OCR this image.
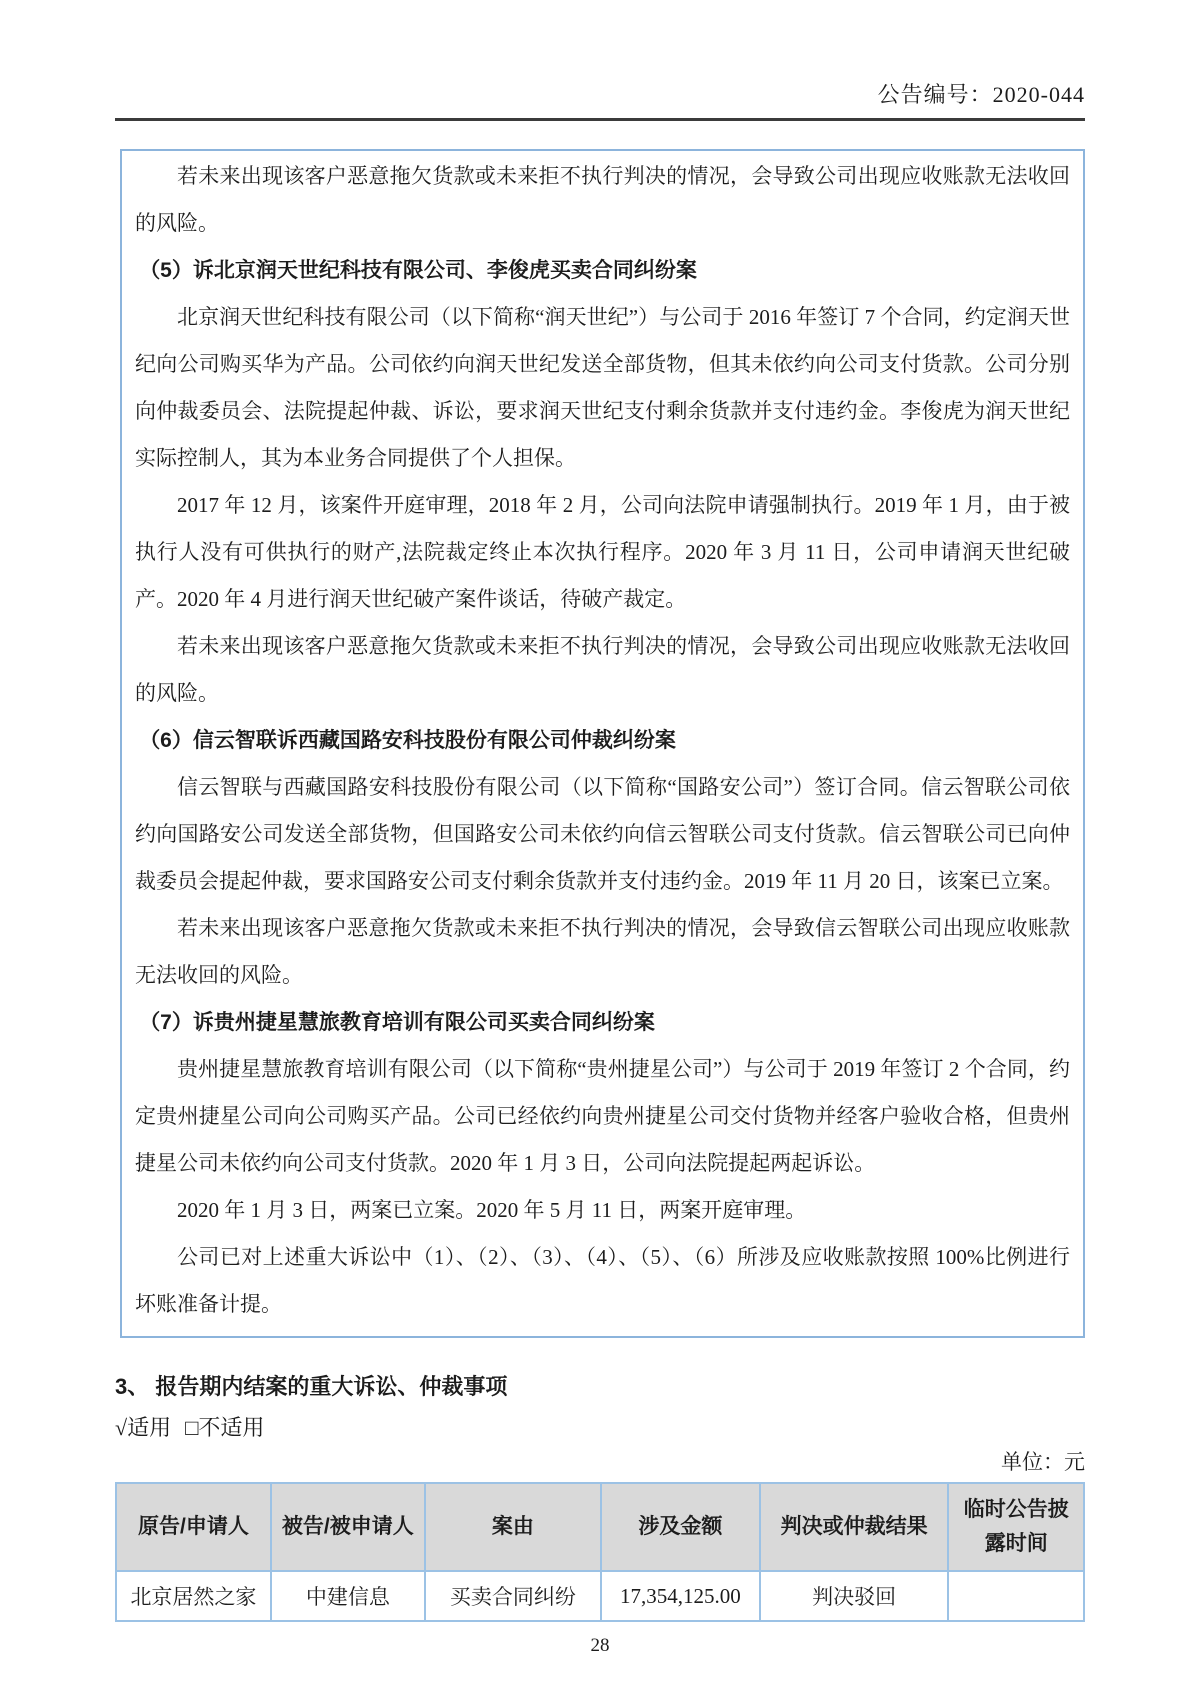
公告编号：2020-044

若未来出现该客户恶意拖欠货款或未来拒不执行判决的情况，会导致公司出现应收账款无法收回的风险。

（5）诉北京润天世纪科技有限公司、李俊虎买卖合同纠纷案

北京润天世纪科技有限公司（以下简称“润天世纪”）与公司于 2016 年签订 7 个合同，约定润天世纪向公司购买华为产品。公司依约向润天世纪发送全部货物，但其未依约向公司支付货款。公司分别向仲裁委员会、法院提起仲裁、诉讼，要求润天世纪支付剩余货款并支付违约金。李俊虎为润天世纪实际控制人，其为本业务合同提供了个人担保。

2017 年 12 月，该案件开庭审理，2018 年 2 月，公司向法院申请强制执行。2019 年 1 月，由于被执行人没有可供执行的财产,法院裁定终止本次执行程序。2020 年 3 月 11 日，公司申请润天世纪破产。2020 年 4 月进行润天世纪破产案件谈话，待破产裁定。

若未来出现该客户恶意拖欠货款或未来拒不执行判决的情况，会导致公司出现应收账款无法收回的风险。

（6）信云智联诉西藏国路安科技股份有限公司仲裁纠纷案

信云智联与西藏国路安科技股份有限公司（以下简称“国路安公司”）签订合同。信云智联公司依约向国路安公司发送全部货物，但国路安公司未依约向信云智联公司支付货款。信云智联公司已向仲裁委员会提起仲裁，要求国路安公司支付剩余货款并支付违约金。2019 年 11 月 20 日，该案已立案。

若未来出现该客户恶意拖欠货款或未来拒不执行判决的情况，会导致信云智联公司出现应收账款无法收回的风险。

（7）诉贵州捷星慧旅教育培训有限公司买卖合同纠纷案

贵州捷星慧旅教育培训有限公司（以下简称“贵州捷星公司”）与公司于 2019 年签订 2 个合同，约定贵州捷星公司向公司购买产品。公司已经依约向贵州捷星公司交付货物并经客户验收合格，但贵州捷星公司未依约向公司支付货款。2020 年 1 月 3 日，公司向法院提起两起诉讼。

2020 年 1 月 3 日，两案已立案。2020 年 5 月 11 日，两案开庭审理。

公司已对上述重大诉讼中（1）、（2）、（3）、（4）、（5）、（6）所涉及应收账款按照 100%比例进行坏账准备计提。

3、 报告期内结案的重大诉讼、仲裁事项
√适用 □不适用
单位：元
原告/申请人	被告/被申请人	案由	涉及金额	判决或仲裁结果	临时公告披露时间
北京居然之家	中建信息	买卖合同纠纷	17,354,125.00	判决驳回	
28
